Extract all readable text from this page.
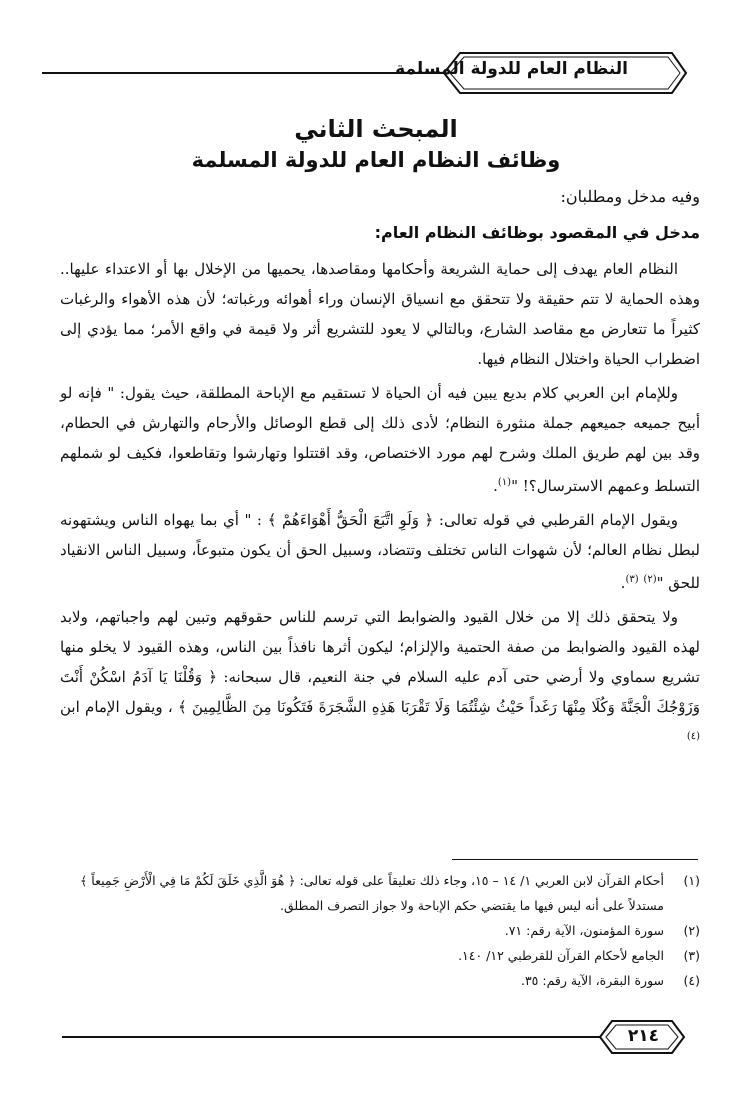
النظام العام للدولة المسلمة
المبحث الثاني
وظائف النظام العام للدولة المسلمة
وفيه مدخل ومطلبان:
مدخل في المقصود بوظائف النظام العام:

النظام العام يهدف إلى حماية الشريعة وأحكامها ومقاصدها، يحميها من الإخلال بها أو الاعتداء عليها.. وهذه الحماية لا تتم حقيقة ولا تتحقق مع انسياق الإنسان وراء أهوائه ورغباته؛ لأن هذه الأهواء والرغبات كثيراً ما تتعارض مع مقاصد الشارع، وبالتالي لا يعود للتشريع أثر ولا قيمة في واقع الأمر؛ مما يؤدي إلى اضطراب الحياة واختلال النظام فيها.

وللإمام ابن العربي كلام بديع يبين فيه أن الحياة لا تستقيم مع الإباحة المطلقة، حيث يقول: " فإنه لو أبيح جميعه جميعهم جملة منثورة النظام؛ لأدى ذلك إلى قطع الوصائل والأرحام والتهارش في الحطام، وقد بين لهم طريق الملك وشرح لهم مورد الاختصاص، وقد اقتتلوا وتهارشوا وتقاطعوا، فكيف لو شملهم التسلط وعمهم الاسترسال؟! "$^{(١)}$.

ويقول الإمام القرطبي في قوله تعالى: ﴿ وَلَوِ اتَّبَعَ الْحَقُّ أَهْوَاءَهُمْ ﴾ : " أي بما يهواه الناس ويشتهونه لبطل نظام العالم؛ لأن شهوات الناس تختلف وتتضاد، وسبيل الحق أن يكون متبوعاً، وسبيل الناس الانقياد للحق "$^{(٢)}$ $^{(٣)}$.

ولا يتحقق ذلك إلا من خلال القيود والضوابط التي ترسم للناس حقوقهم وتبين لهم واجباتهم، ولابد لهذه القيود والضوابط من صفة الحتمية والإلزام؛ ليكون أثرها نافذاً بين الناس، وهذه القيود لا يخلو منها تشريع سماوي ولا أرضي حتى آدم عليه السلام في جنة النعيم، قال سبحانه: ﴿ وَقُلْنَا يَا آدَمُ اسْكُنْ أَنْتَ وَزَوْجُكَ الْجَنَّةَ وَكُلَا مِنْهَا رَغَداً حَيْثُ شِئْتُمَا وَلَا تَقْرَبَا هَذِهِ الشَّجَرَةَ فَتَكُونَا مِنَ الظَّالِمِينَ ﴾ ، ويقول الإمام ابن $^{(٤)}$

(١)
أحكام القرآن لابن العربي ١/ ١٤ – ١٥، وجاء ذلك تعليقاً على قوله تعالى: ﴿ هُوَ الَّذِي خَلَقَ لَكُمْ مَا فِي الْأَرْضِ جَمِيعاً ﴾ مستدلاً على أنه ليس فيها ما يقتضي حكم الإباحة ولا جواز التصرف المطلق.
(٢)
سورة المؤمنون، الآية رقم: ٧١.
(٣)
الجامع لأحكام القرآن للقرطبي ١٢/ ١٤٠.
(٤)
سورة البقرة، الآية رقم: ٣٥.
٢١٤
